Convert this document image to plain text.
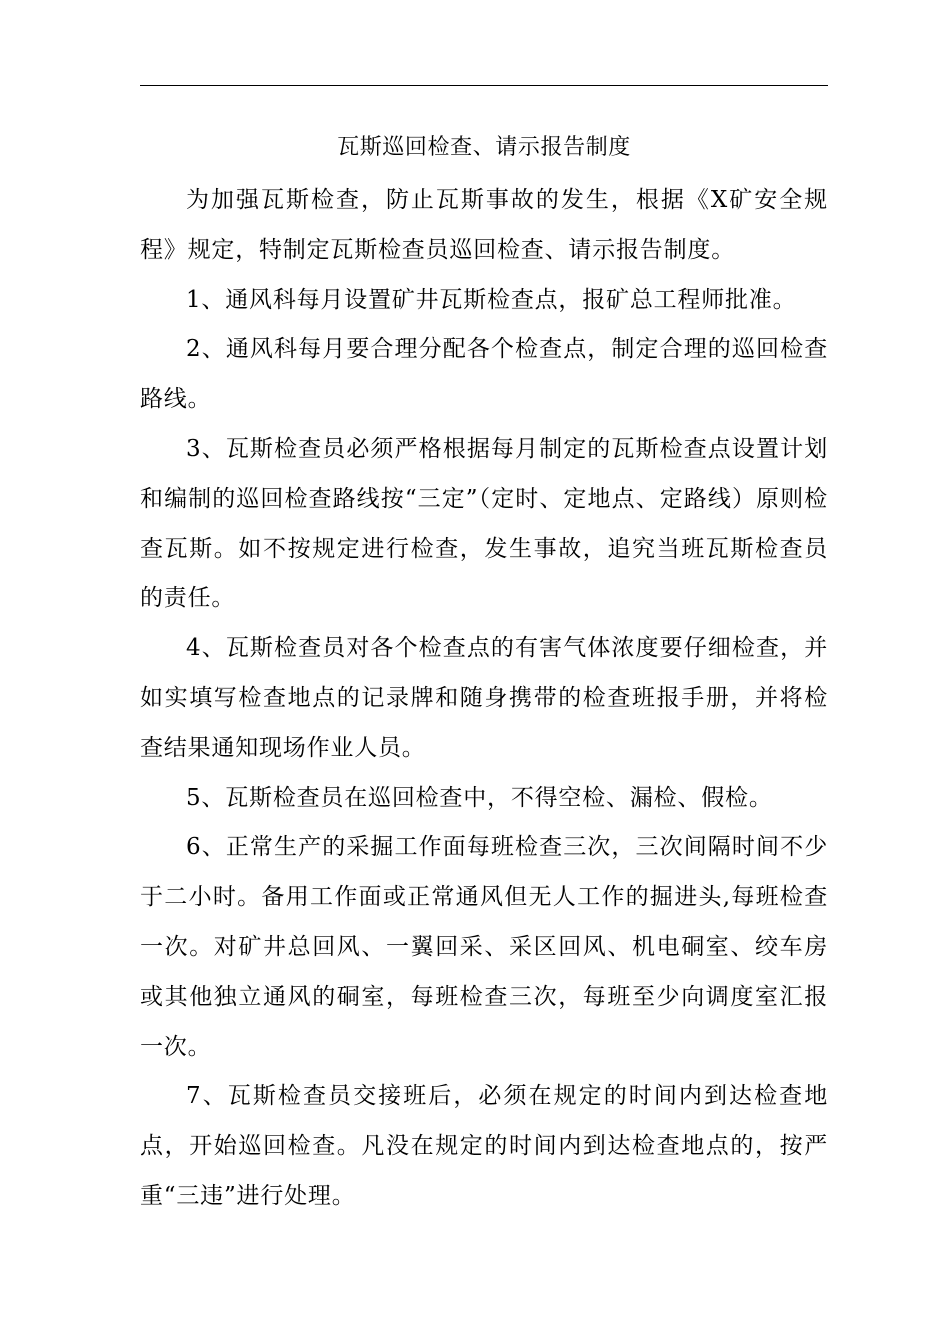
瓦斯巡回检查、请示报告制度

为加强瓦斯检查，防止瓦斯事故的发生，根据《X矿安全规程》规定，特制定瓦斯检查员巡回检查、请示报告制度。

1、通风科每月设置矿井瓦斯检查点，报矿总工程师批准。

2、通风科每月要合理分配各个检查点，制定合理的巡回检查路线。

3、瓦斯检查员必须严格根据每月制定的瓦斯检查点设置计划和编制的巡回检查路线按“三定”（定时、定地点、定路线）原则检查瓦斯。如不按规定进行检查，发生事故，追究当班瓦斯检查员的责任。

4、瓦斯检查员对各个检查点的有害气体浓度要仔细检查，并如实填写检查地点的记录牌和随身携带的检查班报手册，并将检查结果通知现场作业人员。

5、瓦斯检查员在巡回检查中，不得空检、漏检、假检。

6、正常生产的采掘工作面每班检查三次，三次间隔时间不少于二小时。备用工作面或正常通风但无人工作的掘进头,每班检查一次。对矿井总回风、一翼回采、采区回风、机电硐室、绞车房或其他独立通风的硐室，每班检查三次，每班至少向调度室汇报一次。

7、瓦斯检查员交接班后，必须在规定的时间内到达检查地点，开始巡回检查。凡没在规定的时间内到达检查地点的，按严重“三违”进行处理。
